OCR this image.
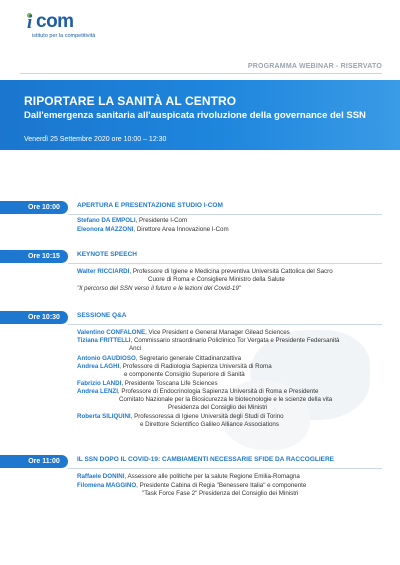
i com
istituto per la competitività
PROGRAMMA WEBINAR - RISERVATO
RIPORTARE LA SANITÀ AL CENTRO
Dall'emergenza sanitaria all'auspicata rivoluzione della governance del SSN
Venerdì 25 Settembre 2020 ore 10:00 – 12:30
Ore 10:00	APERTURA E PRESENTAZIONE STUDIO I-COM
Stefano DA EMPOLI, Presidente I-Com
Eleonora MAZZONI, Direttore Area Innovazione I-Com
Ore 10:15	KEYNOTE SPEECH
Walter RICCIARDI, Professore di Igiene e Medicina preventiva Università Cattolica del Sacro
Cuore di Roma e Consigliere Ministro della Salute
"Il percorso del SSN verso il futuro e le lezioni del Covid-19"
Ore 10:30	SESSIONE Q&A
Valentino CONFALONE, Vice President e General Manager Gilead Sciences
Tiziana FRITTELLI, Commissario straordinario Policlinico Tor Vergata e Presidente Federsanità
Anci
Antonio GAUDIOSO, Segretario generale Cittadinanzattiva
Andrea LAGHI, Professore di Radiologia Sapienza Università di Roma
e componente Consiglio Superiore di Sanità
Fabrizio LANDI, Presidente Toscana Life Sciences
Andrea LENZI, Professore di Endocrinologia Sapienza Università di Roma e Presidente
Comitato Nazionale per la Biosicurezza le biotecnologie e le scienze della vita
Presidenza del Consiglio dei Ministri
Roberta SILIQUINI, Professoressa di Igiene Università degli Studi di Torino
e Direttore Scientifico Galileo Alliance Associations
Ore 11:00	IL SSN DOPO IL COVID-19: CAMBIAMENTI NECESSARIE SFIDE DA RACCOGLIERE
Raffaele DONINI, Assessore alle politiche per la salute Regione Emilia-Romagna
Filomena MAGGINO, Presidente Cabina di Regia "Benessere Italia" e componente
"Task Force Fase 2" Presidenza del Consiglio dei Ministri
